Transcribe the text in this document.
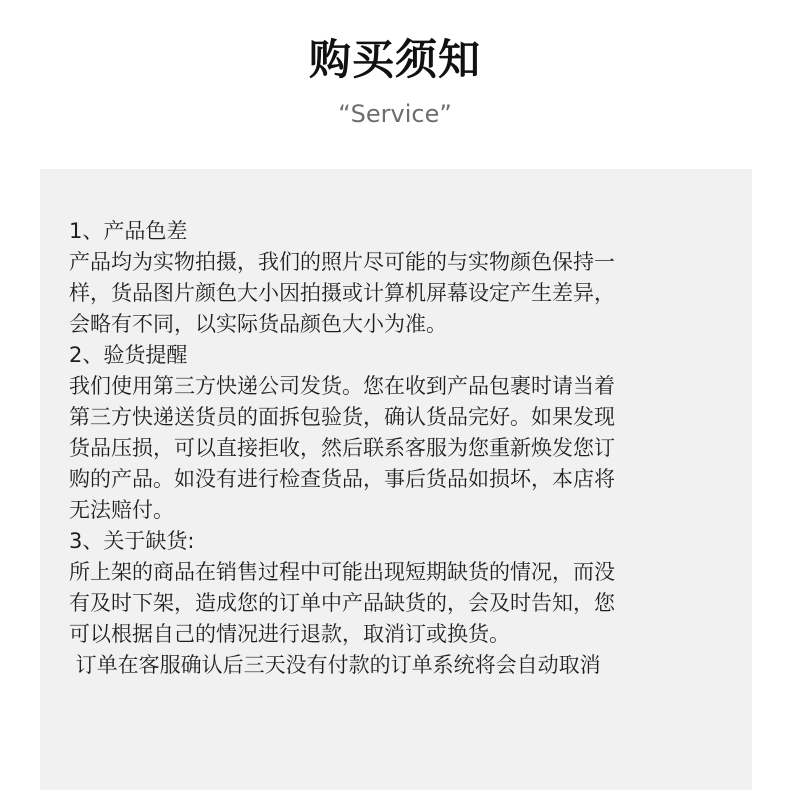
购买须知
“Service”
1、产品色差
产品均为实物拍摄，我们的照片尽可能的与实物颜色保持一
样，货品图片颜色大小因拍摄或计算机屏幕设定产生差异，
会略有不同，以实际货品颜色大小为准。
2、验货提醒
我们使用第三方快递公司发货。您在收到产品包裹时请当着
第三方快递送货员的面拆包验货，确认货品完好。如果发现
货品压损，可以直接拒收，然后联系客服为您重新焕发您订
购的产品。如没有进行检查货品，事后货品如损坏，本店将
无法赔付。
3、关于缺货:
所上架的商品在销售过程中可能出现短期缺货的情况，而没
有及时下架，造成您的订单中产品缺货的，会及时告知，您
可以根据自己的情况进行退款，取消订或换货。
订单在客服确认后三天没有付款的订单系统将会自动取消
